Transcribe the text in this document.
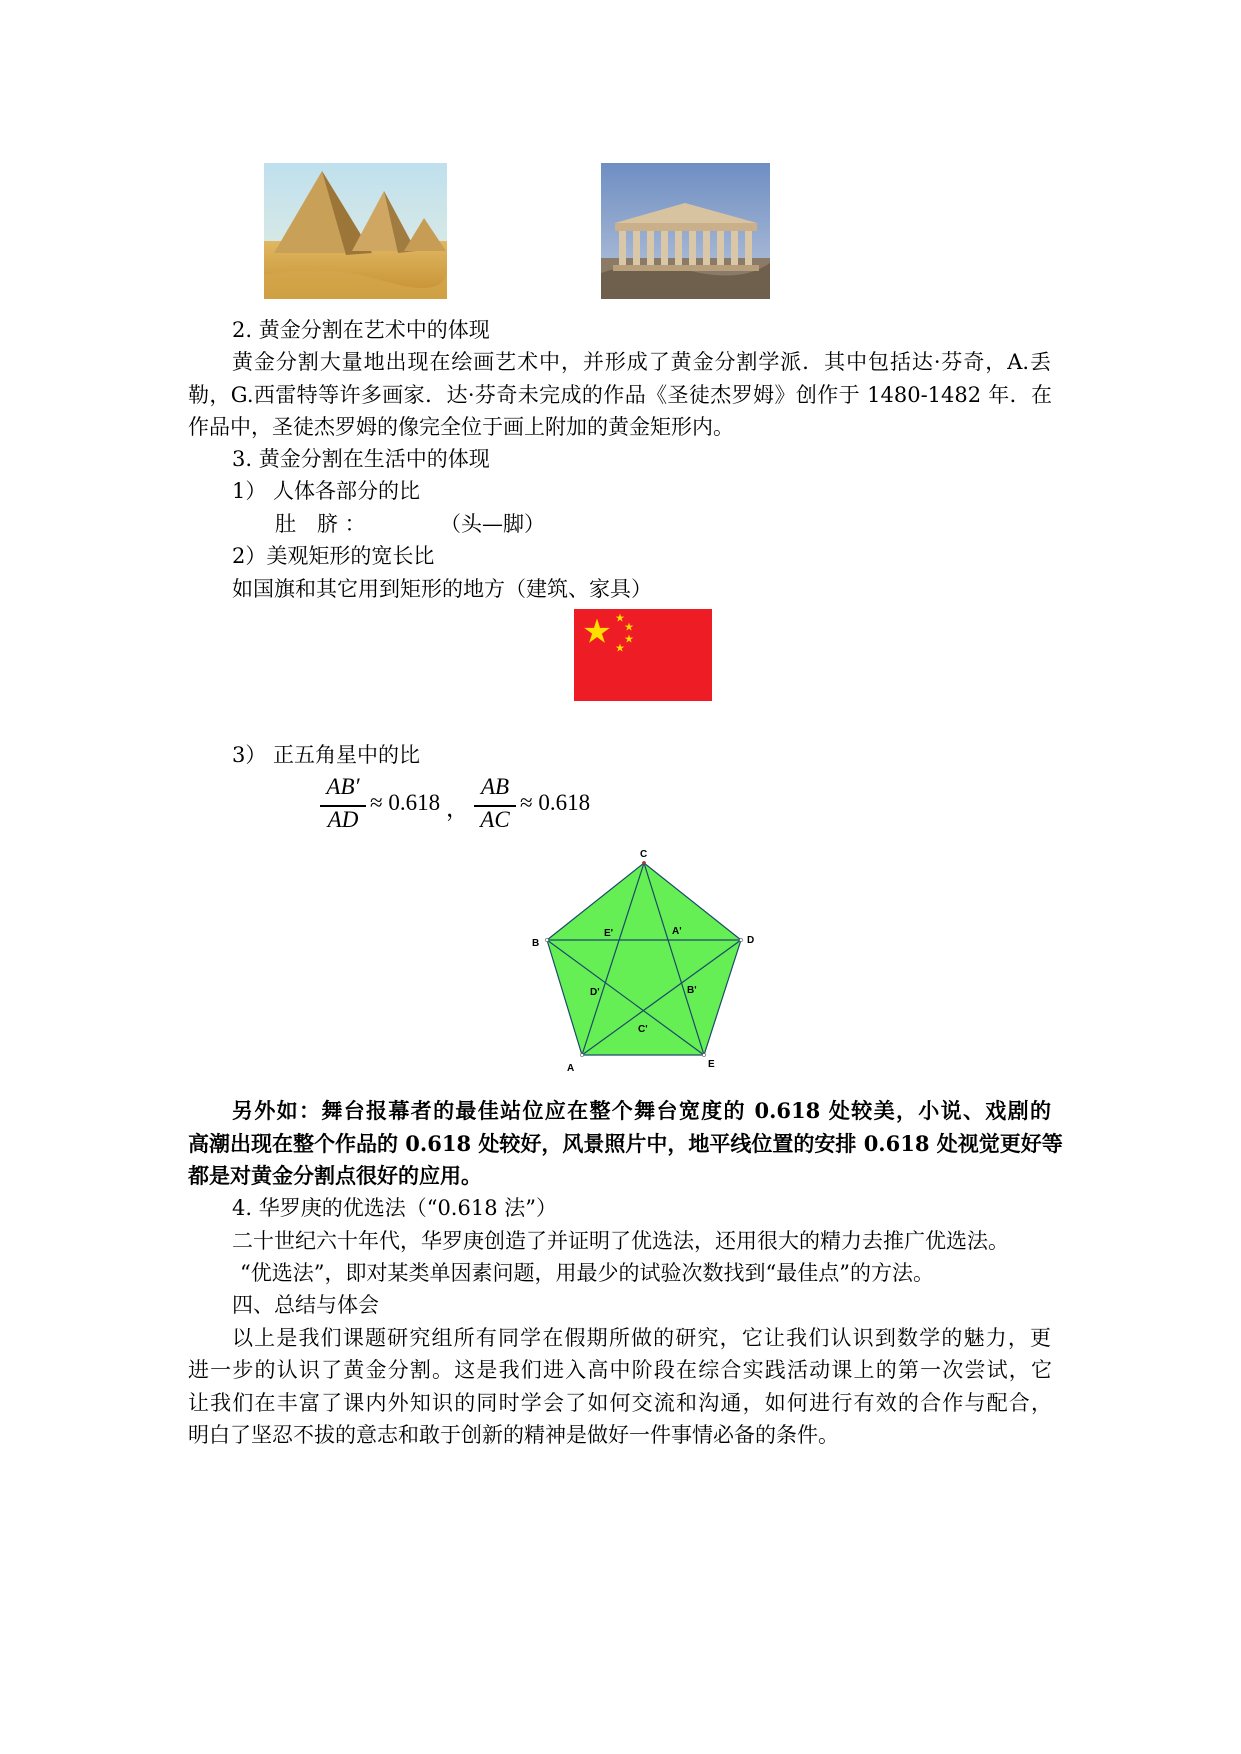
2. 黄金分割在艺术中的体现
黄金分割大量地出现在绘画艺术中，并形成了黄金分割学派．其中包括达·芬奇，A.丢
勒，G.西雷特等许多画家．达·芬奇未完成的作品《圣徒杰罗姆》创作于 1480-1482 年．在
作品中，圣徒杰罗姆的像完全位于画上附加的黄金矩形内。
3. 黄金分割在生活中的体现
1） 人体各部分的比
肚　脐 ：	（头—脚）
2）美观矩形的宽长比
如国旗和其它用到矩形的地方（建筑、家具）
3） 正五角星中的比
AB′
AD
≈ 0.618 ，
AB
AC
≈ 0.618
C
D
B
A	E
E'	A'
D'	B'
C'
另外如：舞台报幕者的最佳站位应在整个舞台宽度的 0.618 处较美，小说、戏剧的
高潮出现在整个作品的 0.618 处较好，风景照片中，地平线位置的安排 0.618 处视觉更好等
都是对黄金分割点很好的应用。
4. 华罗庚的优选法（“0.618 法”）
二十世纪六十年代，华罗庚创造了并证明了优选法，还用很大的精力去推广优选法。
“优选法”，即对某类单因素问题，用最少的试验次数找到“最佳点”的方法。
四、总结与体会
以上是我们课题研究组所有同学在假期所做的研究，它让我们认识到数学的魅力，更
进一步的认识了黄金分割。这是我们进入高中阶段在综合实践活动课上的第一次尝试，它
让我们在丰富了课内外知识的同时学会了如何交流和沟通，如何进行有效的合作与配合，
明白了坚忍不拔的意志和敢于创新的精神是做好一件事情必备的条件。
